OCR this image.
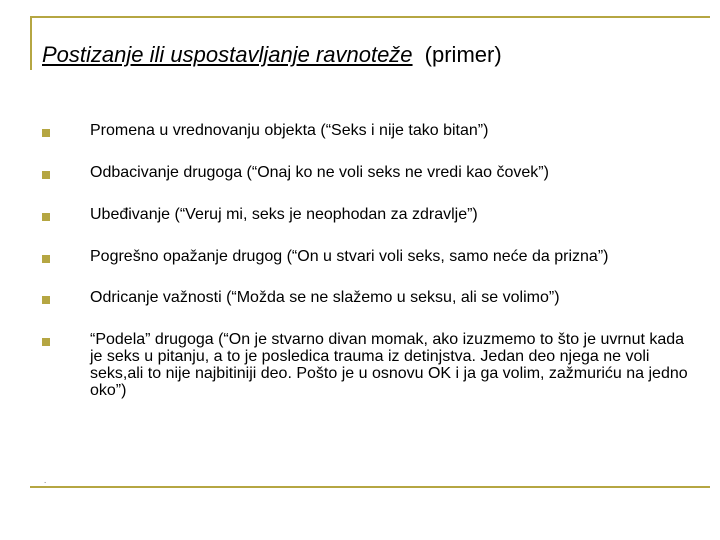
Postizanje ili uspostavljanje ravnoteže (primer)
Promena u vrednovanju objekta (“Seks i nije tako bitan”)
Odbacivanje drugoga (“Onaj ko ne voli seks ne vredi kao čovek”)
Ubeđivanje (“Veruj mi, seks je neophodan za zdravlje”)
Pogrešno opažanje drugog (“On u stvari voli seks, samo neće da prizna”)
Odricanje važnosti (“Možda se ne slažemo u seksu, ali se volimo”)
“Podela” drugoga (“On je stvarno divan momak, ako izuzmemo to što je uvrnut kada je seks u pitanju, a to je posledica trauma iz detinjstva. Jedan deo njega ne voli seks,ali to nije najbitiniji deo. Pošto je u osnovu OK i ja ga volim, zažmuriću na jedno oko”)
.
